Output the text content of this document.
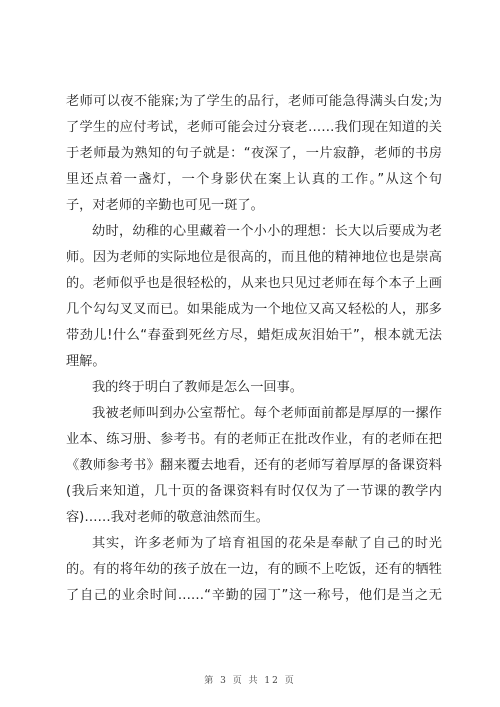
老师可以夜不能寐;为了学生的品行，老师可能急得满头白发;为
了学生的应付考试，老师可能会过分衰老……我们现在知道的关
于老师最为熟知的句子就是：“夜深了，一片寂静，老师的书房
里还点着一盏灯，一个身影伏在案上认真的工作。”从这个句
子，对老师的辛勤也可见一斑了。
幼时，幼稚的心里藏着一个小小的理想：长大以后要成为老
师。因为老师的实际地位是很高的，而且他的精神地位也是崇高
的。老师似乎也是很轻松的，从来也只见过老师在每个本子上画
几个勾勾叉叉而已。如果能成为一个地位又高又轻松的人，那多
带劲儿!什么“春蚕到死丝方尽，蜡炬成灰泪始干”，根本就无法
理解。
我的终于明白了教师是怎么一回事。
我被老师叫到办公室帮忙。每个老师面前都是厚厚的一摞作
业本、练习册、参考书。有的老师正在批改作业，有的老师在把
《教师参考书》翻来覆去地看，还有的老师写着厚厚的备课资料
(我后来知道，几十页的备课资料有时仅仅为了一节课的教学内
容)……我对老师的敬意油然而生。
其实，许多老师为了培育祖国的花朵是奉献了自己的时光
的。有的将年幼的孩子放在一边，有的顾不上吃饭，还有的牺牲
了自己的业余时间……“辛勤的园丁”这一称号，他们是当之无
第 3 页 共 12 页
